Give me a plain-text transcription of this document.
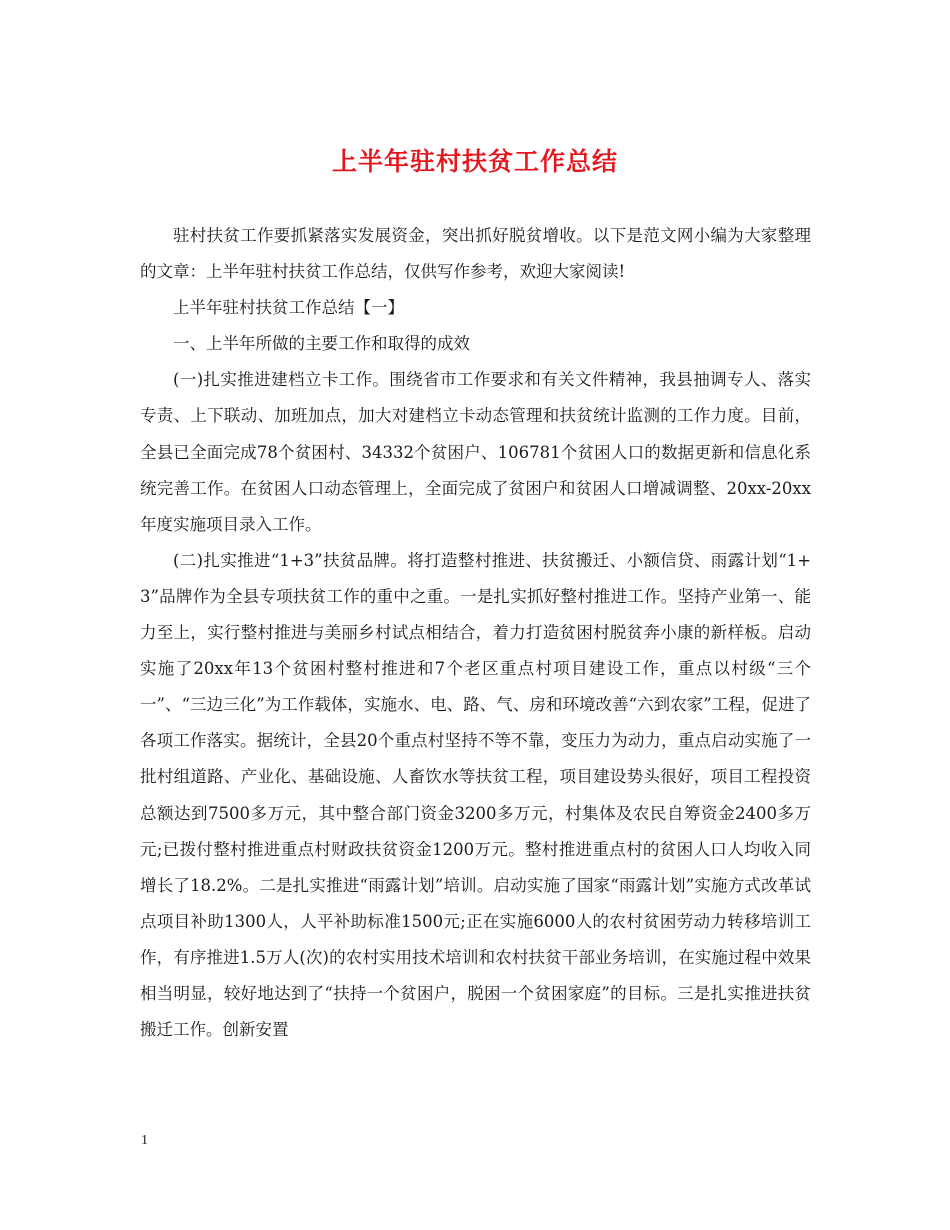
上半年驻村扶贫工作总结

驻村扶贫工作要抓紧落实发展资金，突出抓好脱贫增收。以下是范文网小编为大家整理的文章：上半年驻村扶贫工作总结，仅供写作参考，欢迎大家阅读!

上半年驻村扶贫工作总结【一】

一、上半年所做的主要工作和取得的成效

(一)扎实推进建档立卡工作。围绕省市工作要求和有关文件精神，我县抽调专人、落实专责、上下联动、加班加点，加大对建档立卡动态管理和扶贫统计监测的工作力度。目前，全县已全面完成78个贫困村、34332个贫困户、106781个贫困人口的数据更新和信息化系统完善工作。在贫困人口动态管理上，全面完成了贫困户和贫困人口增减调整、20xx-20xx年度实施项目录入工作。

(二)扎实推进“1+3”扶贫品牌。将打造整村推进、扶贫搬迁、小额信贷、雨露计划“1+3”品牌作为全县专项扶贫工作的重中之重。一是扎实抓好整村推进工作。坚持产业第一、能力至上，实行整村推进与美丽乡村试点相结合，着力打造贫困村脱贫奔小康的新样板。启动实施了20xx年13个贫困村整村推进和7个老区重点村项目建设工作，重点以村级“三个一”、“三边三化”为工作载体，实施水、电、路、气、房和环境改善“六到农家”工程，促进了各项工作落实。据统计，全县20个重点村坚持不等不靠，变压力为动力，重点启动实施了一批村组道路、产业化、基础设施、人畜饮水等扶贫工程，项目建设势头很好，项目工程投资总额达到7500多万元，其中整合部门资金3200多万元，村集体及农民自筹资金2400多万元;已拨付整村推进重点村财政扶贫资金1200万元。整村推进重点村的贫困人口人均收入同增长了18.2%。二是扎实推进“雨露计划”培训。启动实施了国家“雨露计划”实施方式改革试点项目补助1300人，人平补助标准1500元;正在实施6000人的农村贫困劳动力转移培训工作，有序推进1.5万人(次)的农村实用技术培训和农村扶贫干部业务培训，在实施过程中效果相当明显，较好地达到了“扶持一个贫困户，脱困一个贫困家庭”的目标。三是扎实推进扶贫搬迁工作。创新安置

1
